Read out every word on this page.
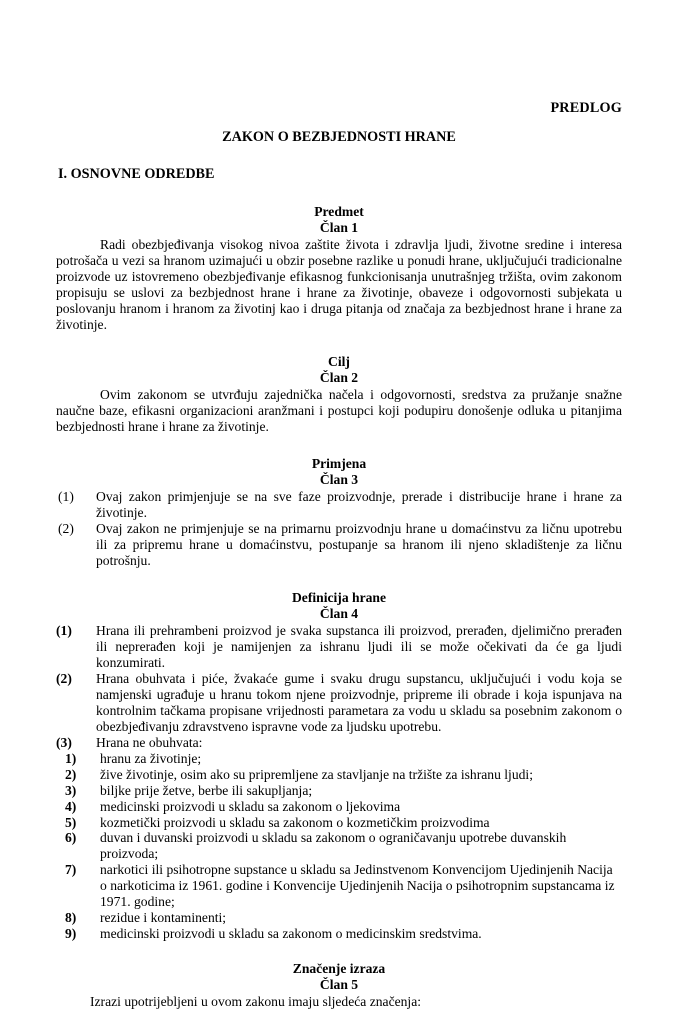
PREDLOG
ZAKON O BEZBJEDNOSTI HRANE
I. OSNOVNE ODREDBE
Predmet
Član 1

Radi obezbjeđivanja visokog nivoa zaštite života i zdravlja ljudi, životne sredine i interesa potrošača u vezi sa hranom uzimajući u obzir posebne razlike u ponudi hrane, uključujući tradicionalne proizvode uz istovremeno obezbjeđivanje efikasnog funkcionisanja unutrašnjeg tržišta, ovim zakonom propisuju se uslovi za bezbjednost hrane i hrane za životinje, obaveze i odgovornosti subjekata u poslovanju hranom i hranom za životinj kao i druga pitanja od značaja za bezbjednost hrane i hrane za životinje.

Cilj
Član 2

Ovim zakonom se utvrđuju zajednička načela i odgovornosti, sredstva za pružanje snažne naučne baze, efikasni organizacioni aranžmani i postupci koji podupiru donošenje odluka u pitanjima bezbjednosti hrane i hrane za životinje.

Primjena
Član 3
(1)	Ovaj zakon primjenjuje se na sve faze proizvodnje, prerade i distribucije hrane i hrane za životinje.
(2)	Ovaj zakon ne primjenjuje se na primarnu proizvodnju hrane u domaćinstvu za ličnu upotrebu ili za pripremu hrane u domaćinstvu, postupanje sa hranom ili njeno skladištenje za ličnu potrošnju.
Definicija hrane
Član 4
(1)	Hrana ili prehrambeni proizvod je svaka supstanca ili proizvod, prerađen, djelimično prerađen ili neprerađen koji je namijenjen za ishranu ljudi ili se može očekivati da će ga ljudi konzumirati.
(2)	Hrana obuhvata i piće, žvakaće gume i svaku drugu supstancu, uključujući i vodu koja se namjenski ugrađuje u hranu tokom njene proizvodnje, pripreme ili obrade i koja ispunjava na kontrolnim tačkama propisane vrijednosti parametara za vodu u skladu sa posebnim zakonom o obezbjeđivanju zdravstveno ispravne vode za ljudsku upotrebu.
(3)	Hrana ne obuhvata:
1) hranu za životinje;
2) žive životinje, osim ako su pripremljene za stavljanje na tržište za ishranu ljudi;
3) biljke prije žetve, berbe ili sakupljanja;
4) medicinski proizvodi u skladu sa zakonom o ljekovima
5) kozmetički proizvodi u skladu sa zakonom o kozmetičkim proizvodima
6) duvan i duvanski proizvodi u skladu sa zakonom o ograničavanju upotrebe duvanskih proizvoda;
7) narkotici ili psihotropne supstance u skladu sa Jedinstvenom Konvencijom Ujedinjenih Nacija o narkoticima iz 1961. godine i Konvencije Ujedinjenih Nacija o psihotropnim supstancama iz 1971. godine;
8) rezidue i kontaminenti;
9) medicinski proizvodi u skladu sa zakonom o medicinskim sredstvima.
Značenje izraza
Član 5

Izrazi upotrijebljeni u ovom zakonu imaju sljedeća značenja:
